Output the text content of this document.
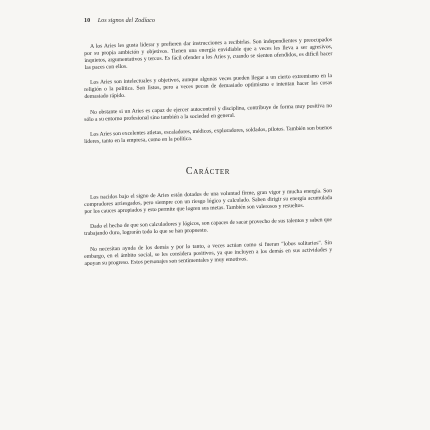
10 Los signos del Zodíaco

A los Aries les gusta liderar y prefieren dar instrucciones a recibirlas. Son independientes y preocupados por su propia ambición y objetivos. Tienen una energía envidiable que a veces les lleva a ser agresivos, inquietos, argumentativos y tercos. Es fácil ofender a los Aries y, cuando se sienten ofendidos, es difícil hacer las paces con ellos.

Los Aries son intelectuales y objetivos, aunque algunas veces pueden llegar a un cierto extremismo en la religión o la política. Son listos, pero a veces pecan de demasiado optimismo e intentan hacer las cosas demasiado rápido.

No obstante si un Aries es capaz de ejercer autocontrol y disciplina, contribuye de forma muy positiva no sólo a su entorno profesional sino también a la sociedad en general.

Los Aries son excelentes atletas, escaladores, médicos, exploradores, soldados, pilotos. También son buenos líderes, tanto en la empresa, como en la política.

Carácter

Los nacidos bajo el signo de Aries están dotados de una voluntad firme, gran vigor y mucha energía. Son compradores arriesgados, pero siempre con un riesgo lógico y calculado. Saben dirigir su energía acumulada por los cauces apropiados y esto permite que logren sus metas. También son valerosos y resueltos.

Dado el hecho de que son calculadores y lógicos, son capaces de sacar provecho de sus talentos y saben que trabajando duro, lograrán todo lo que se han propuesto.

No necesitan ayuda de los demás y por lo tanto, a veces actúan como si fueran "lobos solitarios". Sin embargo, en el ámbito social, se les considera positivos, ya que incluyen a los demás en sus actividades y apoyan su progreso. Estos personajes son sentimentales y muy emotivos.
